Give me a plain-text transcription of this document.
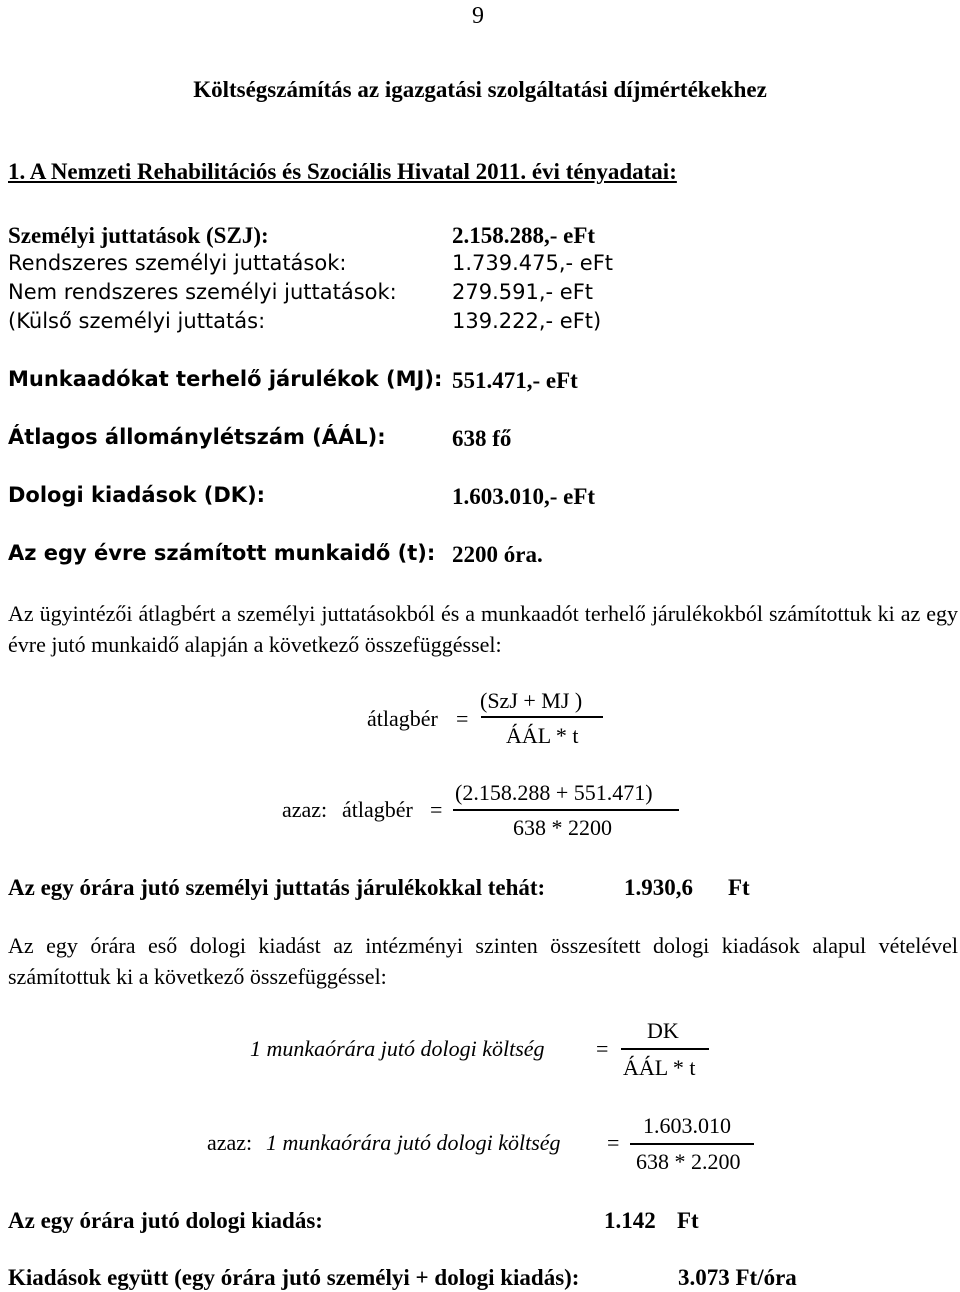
9
Költségszámítás az igazgatási szolgáltatási díjmértékekhez
1. A Nemzeti Rehabilitációs és Szociális Hivatal 2011. évi tényadatai:
Személyi juttatások (SZJ):	2.158.288,- eFt
Rendszeres személyi juttatások:	1.739.475,- eFt
Nem rendszeres személyi juttatások:	279.591,- eFt
(Külső személyi juttatás:	139.222,- eFt)
Munkaadókat terhelő járulékok (MJ): 551.471,- eFt
Átlagos állománylétszám (ÁÁL):	638 fő
Dologi kiadások (DK):	1.603.010,- eFt
Az egy évre számított munkaidő (t): 2200 óra.
Az ügyintézői átlagbért a személyi juttatásokból és a munkaadót terhelő járulékokból számítottuk ki az egy évre jutó munkaidő alapján a következő összefüggéssel:
átlagbér =
(SzJ + MJ )
ÁÁL * t
azaz: átlagbér =
(2.158.288 + 551.471)
638 * 2200
Az egy órára jutó személyi juttatás járulékokkal tehát:	1.930,6 Ft
Az egy órára eső dologi kiadást az intézményi szinten összesített dologi kiadások alapul vételével számítottuk ki a következő összefüggéssel:
1 munkaórára jutó dologi költség =
DK
ÁÁL * t
azaz: 1 munkaórára jutó dologi költség =
1.603.010
638 * 2.200
Az egy órára jutó dologi kiadás:	1.142 Ft
Kiadások együtt (egy órára jutó személyi + dologi kiadás):	3.073 Ft/óra
